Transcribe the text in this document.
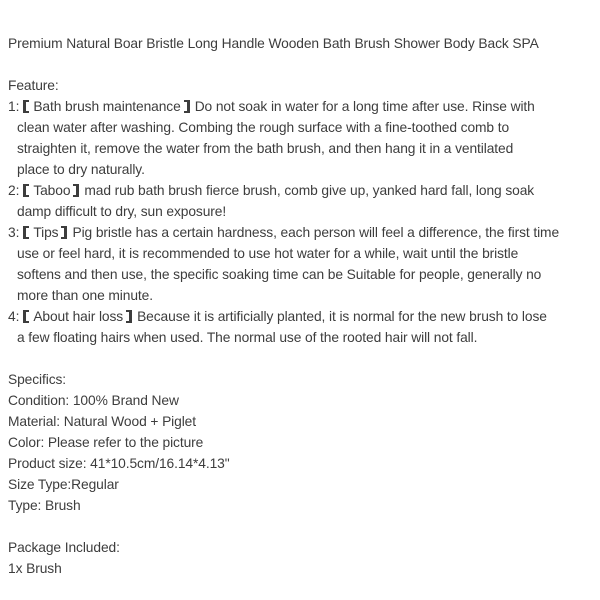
Premium Natural Boar Bristle Long Handle Wooden Bath Brush Shower Body Back SPA
Feature:
1: Bath brush maintenance Do not soak in water for a long time after use. Rinse with
clean water after washing. Combing the rough surface with a fine-toothed comb to
straighten it, remove the water from the bath brush, and then hang it in a ventilated
place to dry naturally.
2: Taboo mad rub bath brush fierce brush, comb give up, yanked hard fall, long soak
damp difficult to dry, sun exposure!
3: Tips Pig bristle has a certain hardness, each person will feel a difference, the first time
use or feel hard, it is recommended to use hot water for a while, wait until the bristle
softens and then use, the specific soaking time can be Suitable for people, generally no
more than one minute.
4: About hair loss Because it is artificially planted, it is normal for the new brush to lose
a few floating hairs when used. The normal use of the rooted hair will not fall.
Specifics:
Condition: 100% Brand New
Material: Natural Wood + Piglet
Color: Please refer to the picture
Product size: 41*10.5cm/16.14*4.13"
Size Type:Regular
Type: Brush
Package Included:
1x Brush
